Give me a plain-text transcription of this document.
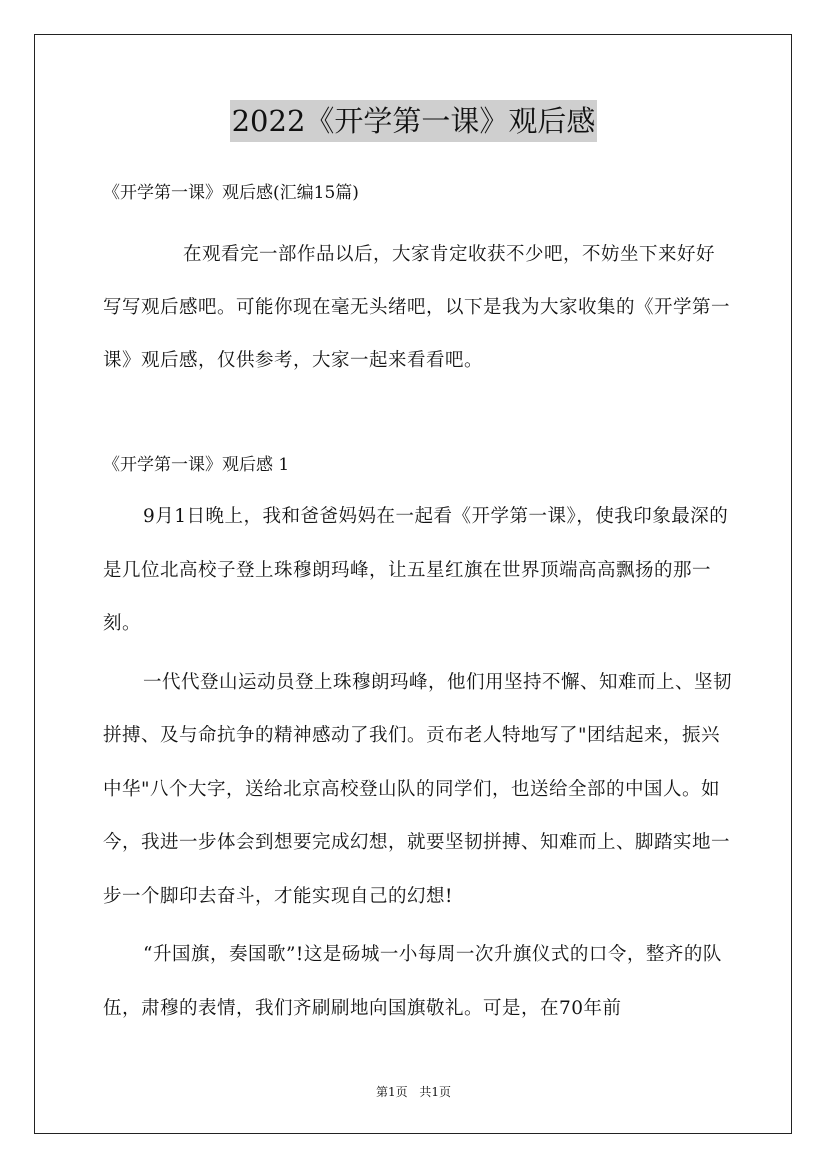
2022《开学第一课》观后感
《开学第一课》观后感(汇编15篇)
在观看完一部作品以后，大家肯定收获不少吧，不妨坐下来好好写写观后感吧。可能你现在毫无头绪吧，以下是我为大家收集的《开学第一课》观后感，仅供参考，大家一起来看看吧。
《开学第一课》观后感 1

9月1日晚上，我和爸爸妈妈在一起看《开学第一课》，使我印象最深的是几位北高校子登上珠穆朗玛峰，让五星红旗在世界顶端高高飘扬的那一刻。

一代代登山运动员登上珠穆朗玛峰，他们用坚持不懈、知难而上、坚韧拼搏、及与命抗争的精神感动了我们。贡布老人特地写了"团结起来，振兴中华"八个大字，送给北京高校登山队的同学们，也送给全部的中国人。如今，我进一步体会到想要完成幻想，就要坚韧拼搏、知难而上、脚踏实地一步一个脚印去奋斗，才能实现自己的幻想!

“升国旗，奏国歌”!这是砀城一小每周一次升旗仪式的口令，整齐的队伍，肃穆的表情，我们齐刷刷地向国旗敬礼。可是，在70年前

第1页 共1页
